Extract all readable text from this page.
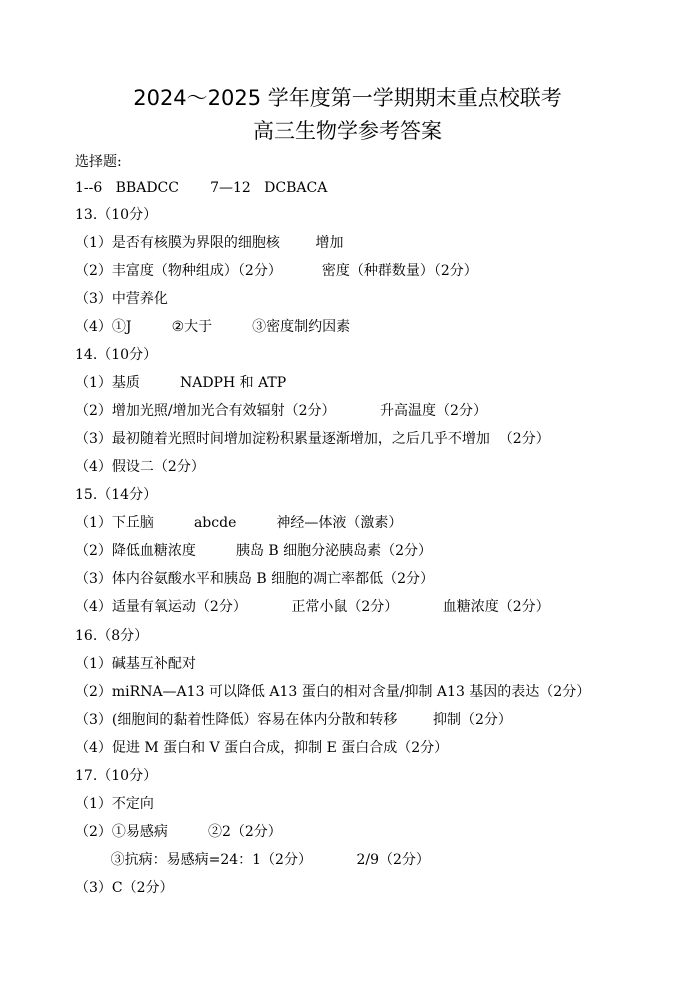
2024～2025 学年度第一学期期末重点校联考
高三生物学参考答案
选择题:
1--6   BBADCC       7—12   DCBACA
13.（10分）
（1）是否有核膜为界限的细胞核        增加
（2）丰富度（物种组成）（2分）         密度（种群数量）（2分）
（3）中营养化
（4）①J         ②大于         ③密度制约因素
14.（10分）
（1）基质         NADPH 和 ATP
（2）增加光照/增加光合有效辐射（2分）          升高温度（2分）
（3）最初随着光照时间增加淀粉积累量逐渐增加，之后几乎不增加  （2分）
（4）假设二（2分）
15.（14分）
（1）下丘脑         abcde         神经—体液（激素）
（2）降低血糖浓度         胰岛 B 细胞分泌胰岛素（2分）
（3）体内谷氨酸水平和胰岛 B 细胞的凋亡率都低（2分）
（4）适量有氧运动（2分）          正常小鼠（2分）          血糖浓度（2分）
16.（8分）
（1）碱基互补配对
（2）miRNA—A13 可以降低 A13 蛋白的相对含量/抑制 A13 基因的表达（2分）
（3）(细胞间的黏着性降低）容易在体内分散和转移        抑制（2分）
（4）促进 M 蛋白和 V 蛋白合成，抑制 E 蛋白合成（2分）
17.（10分）
（1）不定向
（2）①易感病         ②2（2分）
③抗病：易感病=24：1（2分）          2/9（2分）
（3）C（2分）
